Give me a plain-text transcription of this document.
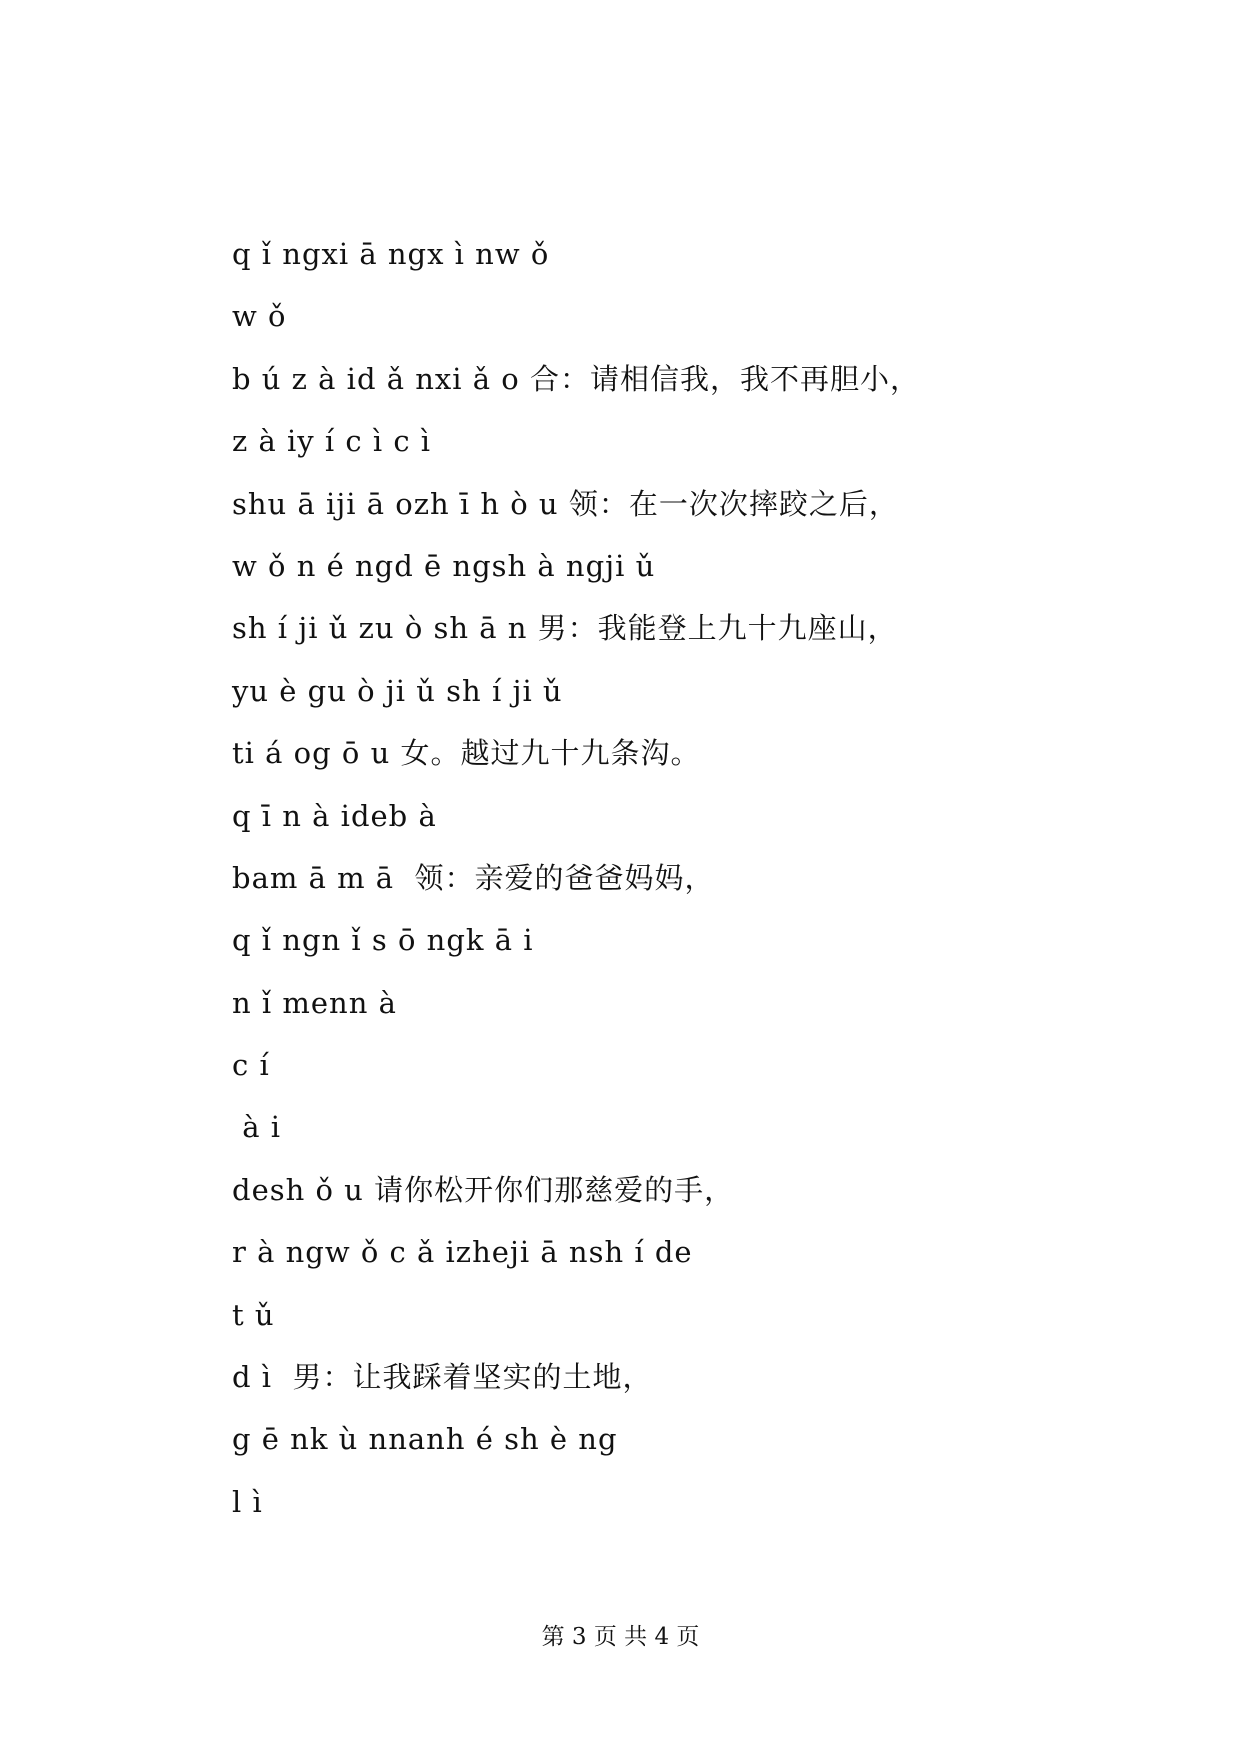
q ǐ ngxi ā ngx ì nw ǒ
w ǒ
b ú z à id ǎ nxi ǎ o 合：请相信我，我不再胆小，
z à iy í c ì c ì
shu ā iji ā ozh ī h ò u 领：在一次次摔跤之后，
w ǒ n é ngd ē ngsh à ngji ǔ
sh í ji ǔ zu ò sh ā n 男：我能登上九十九座山，
yu è gu ò ji ǔ sh í ji ǔ
ti á og ō u 女。越过九十九条沟。
q ī n à ideb à
bam ā m ā  领：亲爱的爸爸妈妈，
q ǐ ngn ǐ s ō ngk ā i
n ǐ menn à
c í
à i
desh ǒ u 请你松开你们那慈爱的手，
r à ngw ǒ c ǎ izheji ā nsh í de
t ǔ
d ì  男：让我踩着坚实的土地，
g ē nk ù nnanh é sh è ng
l ì
第 3 页 共 4 页
